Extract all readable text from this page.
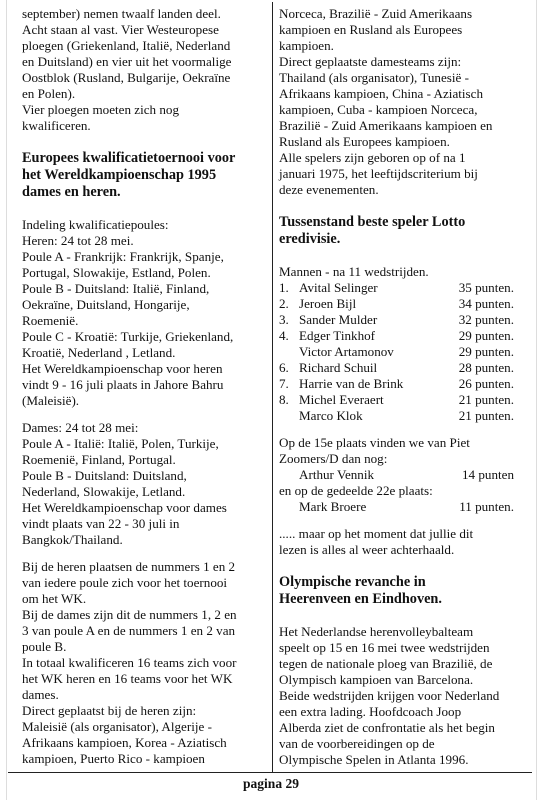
september) nemen twaalf landen deel.
Acht staan al vast. Vier Westeuropese
ploegen (Griekenland, Italië, Nederland
en Duitsland) en vier uit het voormalige
Oostblok (Rusland, Bulgarije, Oekraïne
en Polen).
Vier ploegen moeten zich nog
kwalificeren.
Europees kwalificatietoernooi voor
het Wereldkampioenschap 1995
dames en heren.
Indeling kwalificatiepoules:
Heren: 24 tot 28 mei.
Poule A - Frankrijk: Frankrijk, Spanje,
Portugal, Slowakije, Estland, Polen.
Poule B - Duitsland: Italië, Finland,
Oekraïne, Duitsland, Hongarije,
Roemenië.
Poule C - Kroatië: Turkije, Griekenland,
Kroatië, Nederland , Letland.
Het Wereldkampioenschap voor heren
vindt 9 - 16 juli plaats in Jahore Bahru
(Maleisië).
Dames: 24 tot 28 mei:
Poule A - Italië: Italië, Polen, Turkije,
Roemenië, Finland, Portugal.
Poule B - Duitsland: Duitsland,
Nederland, Slowakije, Letland.
Het Wereldkampioenschap voor dames
vindt plaats van 22 - 30 juli in
Bangkok/Thailand.
Bij de heren plaatsen de nummers 1 en 2
van iedere poule zich voor het toernooi
om het WK.
Bij de dames zijn dit de nummers 1, 2 en
3 van poule A en de nummers 1 en 2 van
poule B.
In totaal kwalificeren 16 teams zich voor
het WK heren en 16 teams voor het WK
dames.
Direct geplaatst bij de heren zijn:
Maleisië (als organisator), Algerije -
Afrikaans kampioen, Korea - Aziatisch
kampioen, Puerto Rico - kampioen
Norceca, Brazilië - Zuid Amerikaans
kampioen en Rusland als Europees
kampioen.
Direct geplaatste damesteams zijn:
Thailand (als organisator), Tunesië -
Afrikaans kampioen, China - Aziatisch
kampioen, Cuba - kampioen Norceca,
Brazilië - Zuid Amerikaans kampioen en
Rusland als Europees kampioen.
Alle spelers zijn geboren op of na 1
januari 1975, het leeftijdscriterium bij
deze evenementen.
Tussenstand beste speler Lotto
eredivisie.
Mannen - na 11 wedstrijden.
1.	Avital Selinger	35 punten.
2.	Jeroen Bijl	34 punten.
3.	Sander Mulder	32 punten.
4.	Edger Tinkhof	29 punten.
	Victor Artamonov	29 punten.
6.	Richard Schuil	28 punten.
7.	Harrie van de Brink	26 punten.
8.	Michel Everaert	21 punten.
	Marco Klok	21 punten.
Op de 15e plaats vinden we van Piet
Zoomers/D dan nog:
	Arthur Vennik	14 punten
en op de gedeelde 22e plaats:
	Mark Broere	11 punten.
..... maar op het moment dat jullie dit
lezen is alles al weer achterhaald.
Olympische revanche in
Heerenveen en Eindhoven.
Het Nederlandse herenvolleybalteam
speelt op 15 en 16 mei twee wedstrijden
tegen de nationale ploeg van Brazilië, de
Olympisch kampioen van Barcelona.
Beide wedstrijden krijgen voor Nederland
een extra lading. Hoofdcoach Joop
Alberda ziet de confrontatie als het begin
van de voorbereidingen op de
Olympische Spelen in Atlanta 1996.
pagina 29
